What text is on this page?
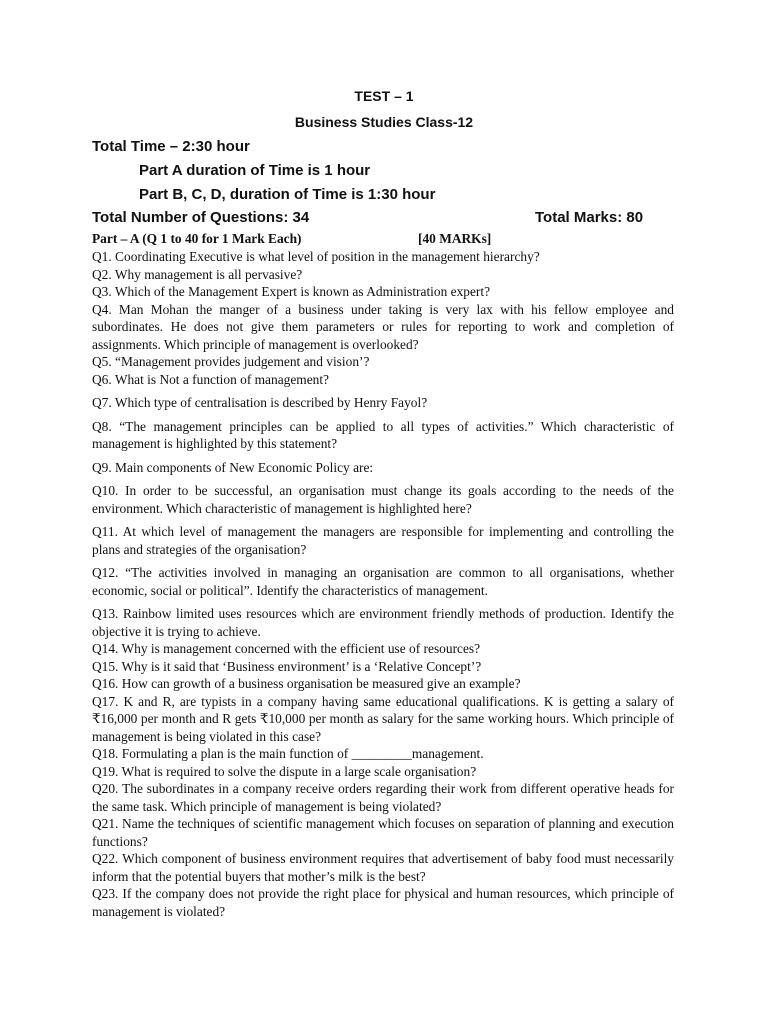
TEST – 1
Business Studies Class-12
Total Time – 2:30 hour
Part A duration of Time is 1 hour
Part B, C, D, duration of Time is 1:30 hour
Total Number of Questions: 34	Total Marks: 80
Part – A (Q 1 to 40 for 1 Mark Each)	[40 MARKs]

Q1. Coordinating Executive is what level of position in the management hierarchy?

Q2. Why management is all pervasive?

Q3. Which of the Management Expert is known as Administration expert?

Q4. Man Mohan the manger of a business under taking is very lax with his fellow employee and subordinates. He does not give them parameters or rules for reporting to work and completion of assignments. Which principle of management is overlooked?

Q5. “Management provides judgement and vision’?

Q6. What is Not a function of management?

Q7. Which type of centralisation is described by Henry Fayol?

Q8. “The management principles can be applied to all types of activities.” Which characteristic of management is highlighted by this statement?

Q9. Main components of New Economic Policy are:

Q10. In order to be successful, an organisation must change its goals according to the needs of the environment. Which characteristic of management is highlighted here?

Q11. At which level of management the managers are responsible for implementing and controlling the plans and strategies of the organisation?

Q12. “The activities involved in managing an organisation are common to all organisations, whether economic, social or political”. Identify the characteristics of management.

Q13. Rainbow limited uses resources which are environment friendly methods of production. Identify the objective it is trying to achieve.

Q14. Why is management concerned with the efficient use of resources?

Q15. Why is it said that ‘Business environment’ is a ‘Relative Concept’?

Q16. How can growth of a business organisation be measured give an example?

Q17. K and R, are typists in a company having same educational qualifications. K is getting a salary of ₹16,000 per month and R gets ₹10,000 per month as salary for the same working hours. Which principle of management is being violated in this case?

Q18. Formulating a plan is the main function of _________management.

Q19. What is required to solve the dispute in a large scale organisation?

Q20. The subordinates in a company receive orders regarding their work from different operative heads for the same task. Which principle of management is being violated?

Q21. Name the techniques of scientific management which focuses on separation of planning and execution functions?

Q22. Which component of business environment requires that advertisement of baby food must necessarily inform that the potential buyers that mother’s milk is the best?

Q23. If the company does not provide the right place for physical and human resources, which principle of management is violated?
